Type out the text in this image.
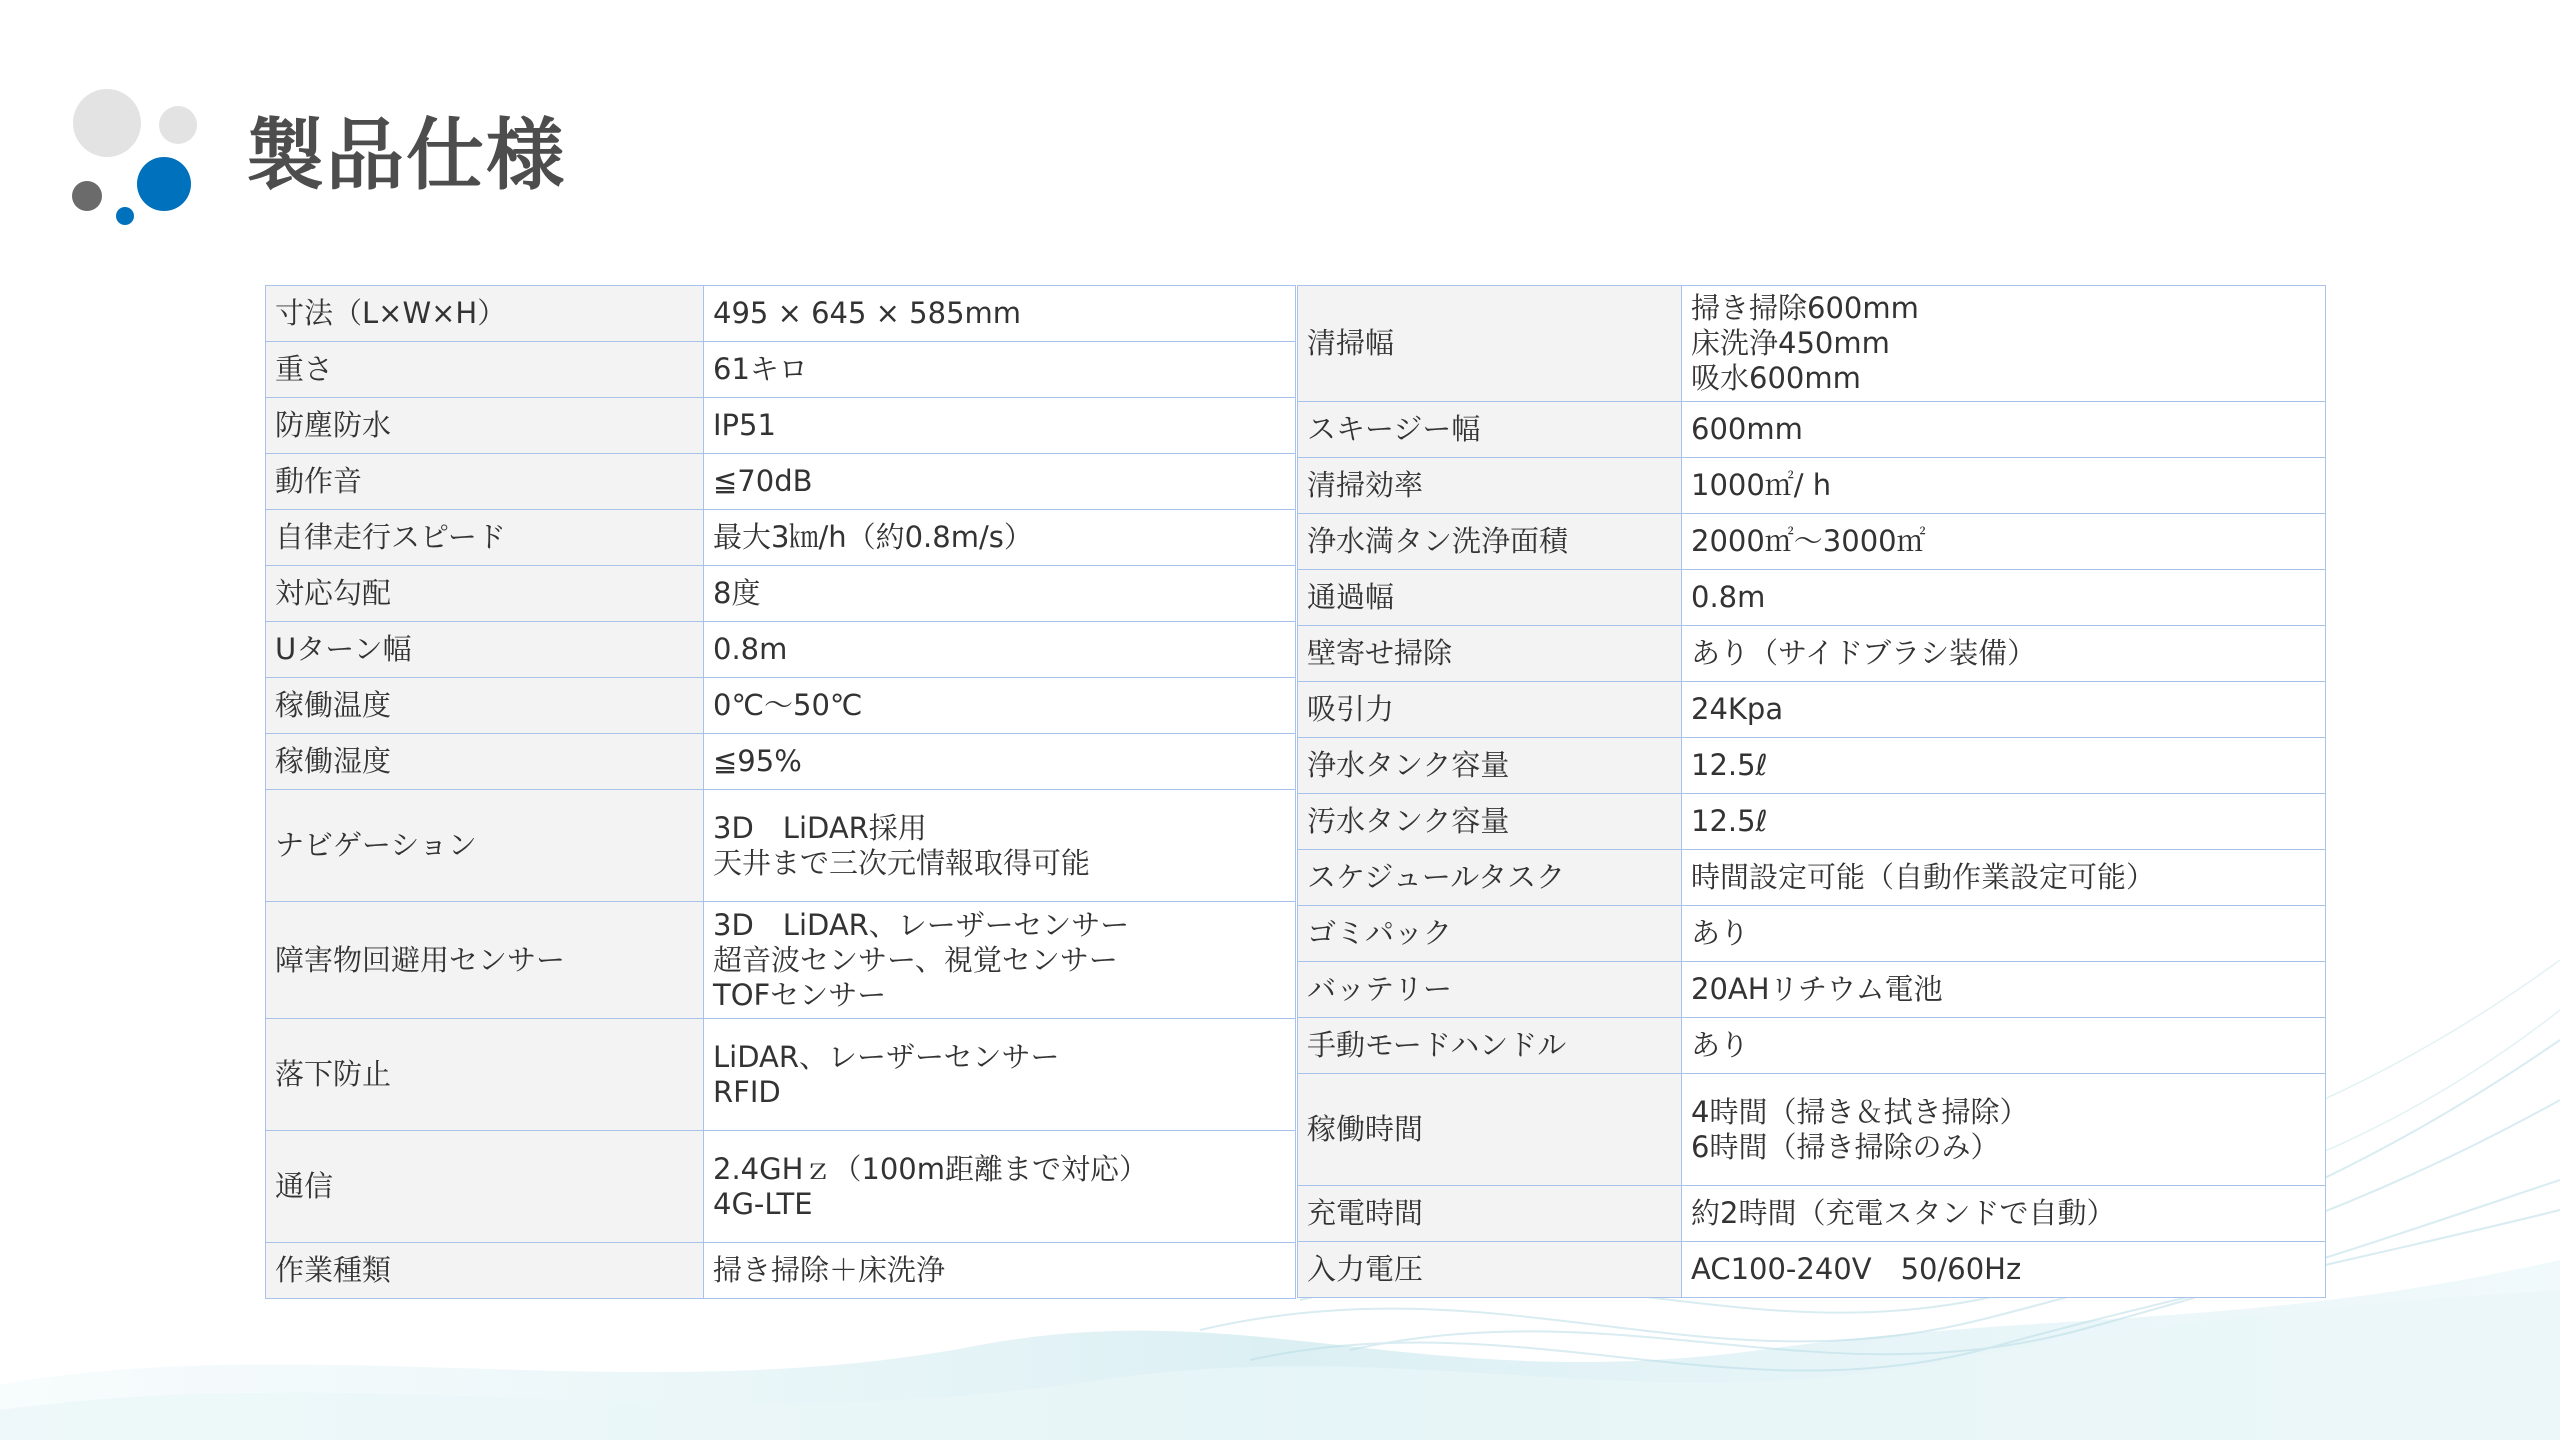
製品仕様
寸法（L×W×H）	495 × 645 × 585mm
重さ	61キロ
防塵防水	IP51
動作音	≦70dB
自律走行スピード	最大3㎞/h（約0.8m/s）
対応勾配	8度
Uターン幅	0.8m
稼働温度	0℃～50℃
稼働湿度	≦95%
ナビゲーション	3D　LiDAR採用
天井まで三次元情報取得可能
障害物回避用センサー	3D　LiDAR、レーザーセンサー
超音波センサー、視覚センサー
TOFセンサー
落下防止	LiDAR、レーザーセンサー
RFID
通信	2.4GHｚ（100m距離まで対応）
4G-LTE
作業種類	掃き掃除＋床洗浄
清掃幅	掃き掃除600mm
床洗浄450mm
吸水600mm
スキージー幅	600mm
清掃効率	1000㎡/ h
浄水満タン洗浄面積	2000㎡～3000㎡
通過幅	0.8m
壁寄せ掃除	あり（サイドブラシ装備）
吸引力	24Kpa
浄水タンク容量	12.5ℓ
汚水タンク容量	12.5ℓ
スケジュールタスク	時間設定可能（自動作業設定可能）
ゴミパック	あり
バッテリー	20AHリチウム電池
手動モードハンドル	あり
稼働時間	4時間（掃き＆拭き掃除）
6時間（掃き掃除のみ）
充電時間	約2時間（充電スタンドで自動）
入力電圧	AC100-240V　50/60Hz
